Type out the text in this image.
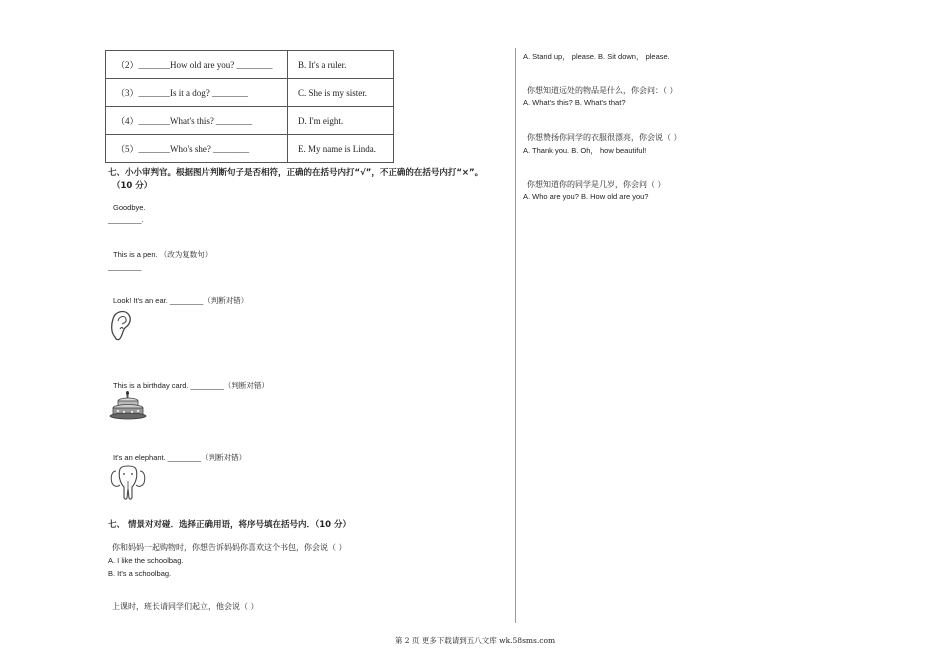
（2）_______How old are you? ________	B. It's a ruler.
（3）_______Is it a dog? ________	C. She is my sister.
（4）_______What's this? ________	D. I'm eight.
（5）_______Who's she? ________	E. My name is Linda.
七、小小审判官。根据图片判断句子是否相符，正确的在括号内打“√”，不正确的在括号内打“×”。
（10 分）
Goodbye.
________.
This is a pen. （改为复数句）
________
Look! It's an ear. ________（判断对错）
This is a birthday card. ________（判断对错）
It's an elephant. ________（判断对错）
七、 情景对对碰．选择正确用语，将序号填在括号内．（10 分）
你和妈妈一起购物时，你想告诉妈妈你喜欢这个书包，你会说（ ）
A. I like the schoolbag.
B. It's a schoolbag.
上课时，班长请同学们起立，他会说（ ）
A. Stand up， please. B. Sit down， please.
你想知道远处的物品是什么，你会问：（ ）
A. What's this? B. What's that?
你想赞扬你同学的衣服很漂亮，你会说（ ）
A. Thank you. B. Oh， how beautiful!
你想知道你的同学是几岁，你会问（ ）
A. Who are you? B. How old are you?
第 2 页 更多下载请到五八文库 wk.58sms.com
